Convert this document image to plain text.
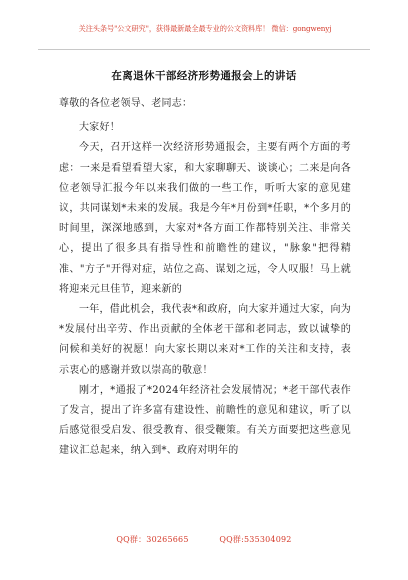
关注头条号"公文研究"，获得最新最全最专业的公文资料库！ 微信：gongwenyj
在离退休干部经济形势通报会上的讲话

尊敬的各位老领导、老同志：

大家好！

今天，召开这样一次经济形势通报会，主要有两个方面的考虑：一来是看望看望大家，和大家聊聊天、谈谈心；二来是向各位老领导汇报今年以来我们做的一些工作，听听大家的意见建议，共同谋划*未来的发展。我是今年*月份到*任职，*个多月的时间里，深深地感到，大家对*各方面工作都特别关注、非常关心，提出了很多具有指导性和前瞻性的建议，"脉象"把得精准、"方子"开得对症，站位之高、谋划之远，令人叹服！马上就将迎来元旦佳节，迎来新的

一年，借此机会，我代表*和政府，向大家并通过大家，向为*发展付出辛劳、作出贡献的全体老干部和老同志，致以诚挚的问候和美好的祝愿！向大家长期以来对*工作的关注和支持，表示衷心的感谢并致以崇高的敬意！

刚才，*通报了*2024年经济社会发展情况；*老干部代表作了发言，提出了许多富有建设性、前瞻性的意见和建议，听了以后感觉很受启发、很受教育、很受鞭策。有关方面要把这些意见建议汇总起来，纳入到*、政府对明年的

QQ群：30265665	QQ群:535304092
